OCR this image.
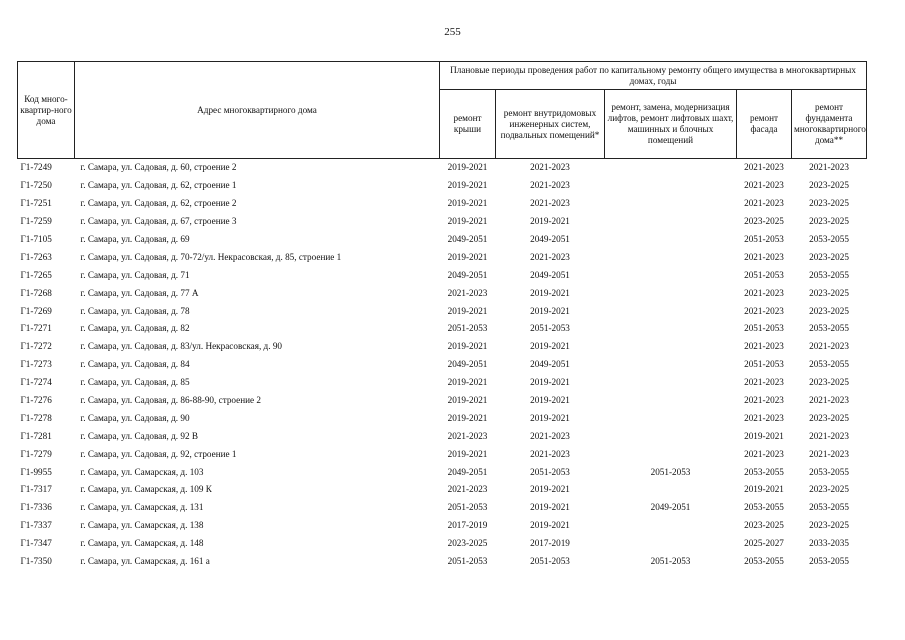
255
Код много-квартир-ного дома	Адрес многоквартирного дома	Плановые периоды проведения работ по капитальному ремонту общего имущества в многоквартирных домах, годы				
		ремонт крыши	ремонт внутридомовых инженерных систем, подвальных помещений*	ремонт, замена, модернизация лифтов, ремонт лифтовых шахт, машинных и блочных помещений	ремонт фасада	ремонт фундамента многоквартирного дома**
Г1-7249	г. Самара, ул. Садовая, д. 60, строение 2	2019-2021	2021-2023		2021-2023	2021-2023
Г1-7250	г. Самара, ул. Садовая, д. 62, строение 1	2019-2021	2021-2023		2021-2023	2023-2025
Г1-7251	г. Самара, ул. Садовая, д. 62, строение 2	2019-2021	2021-2023		2021-2023	2023-2025
Г1-7259	г. Самара, ул. Садовая, д. 67, строение 3	2019-2021	2019-2021		2023-2025	2023-2025
Г1-7105	г. Самара, ул. Садовая, д. 69	2049-2051	2049-2051		2051-2053	2053-2055
Г1-7263	г. Самара, ул. Садовая, д. 70-72/ул. Некрасовская, д. 85, строение 1	2019-2021	2021-2023		2021-2023	2023-2025
Г1-7265	г. Самара, ул. Садовая, д. 71	2049-2051	2049-2051		2051-2053	2053-2055
Г1-7268	г. Самара, ул. Садовая, д. 77 А	2021-2023	2019-2021		2021-2023	2023-2025
Г1-7269	г. Самара, ул. Садовая, д. 78	2019-2021	2019-2021		2021-2023	2023-2025
Г1-7271	г. Самара, ул. Садовая, д. 82	2051-2053	2051-2053		2051-2053	2053-2055
Г1-7272	г. Самара, ул. Садовая, д. 83/ул. Некрасовская, д. 90	2019-2021	2019-2021		2021-2023	2021-2023
Г1-7273	г. Самара, ул. Садовая, д. 84	2049-2051	2049-2051		2051-2053	2053-2055
Г1-7274	г. Самара, ул. Садовая, д. 85	2019-2021	2019-2021		2021-2023	2023-2025
Г1-7276	г. Самара, ул. Садовая, д. 86-88-90, строение 2	2019-2021	2019-2021		2021-2023	2021-2023
Г1-7278	г. Самара, ул. Садовая, д. 90	2019-2021	2019-2021		2021-2023	2023-2025
Г1-7281	г. Самара, ул. Садовая, д. 92 В	2021-2023	2021-2023		2019-2021	2021-2023
Г1-7279	г. Самара, ул. Садовая, д. 92, строение 1	2019-2021	2021-2023		2021-2023	2021-2023
Г1-9955	г. Самара, ул. Самарская, д. 103	2049-2051	2051-2053	2051-2053	2053-2055	2053-2055
Г1-7317	г. Самара, ул. Самарская, д. 109 К	2021-2023	2019-2021		2019-2021	2023-2025
Г1-7336	г. Самара, ул. Самарская, д. 131	2051-2053	2019-2021	2049-2051	2053-2055	2053-2055
Г1-7337	г. Самара, ул. Самарская, д. 138	2017-2019	2019-2021		2023-2025	2023-2025
Г1-7347	г. Самара, ул. Самарская, д. 148	2023-2025	2017-2019		2025-2027	2033-2035
Г1-7350	г. Самара, ул. Самарская, д. 161 а	2051-2053	2051-2053	2051-2053	2053-2055	2053-2055
